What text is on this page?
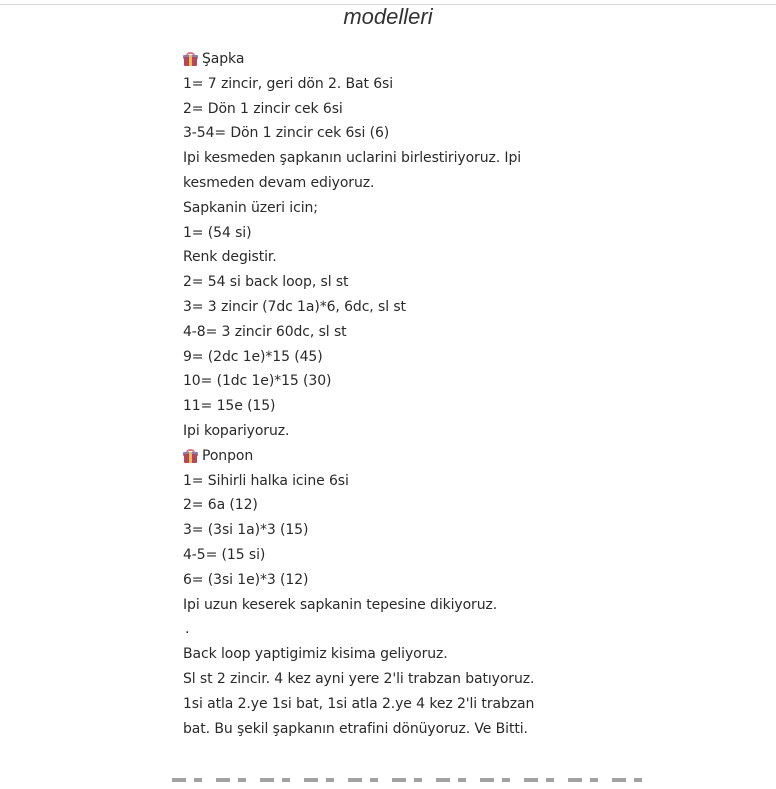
modelleri
Şapka
1= 7 zincir, geri dön 2. Bat 6si
2= Dön 1 zincir cek 6si
3-54= Dön 1 zincir cek 6si (6)
Ipi kesmeden şapkanın uclarini birlestiriyoruz. Ipi
kesmeden devam ediyoruz.
Sapkanin üzeri icin;
1= (54 si)
Renk degistir.
2= 54 si back loop, sl st
3= 3 zincir (7dc 1a)*6, 6dc, sl st
4-8= 3 zincir 60dc, sl st
9= (2dc 1e)*15 (45)
10= (1dc 1e)*15 (30)
11= 15e (15)
Ipi kopariyoruz.
Ponpon
1= Sihirli halka icine 6si
2= 6a (12)
3= (3si 1a)*3 (15)
4-5= (15 si)
6= (3si 1e)*3 (12)
Ipi uzun keserek sapkanin tepesine dikiyoruz.
.
Back loop yaptigimiz kisima geliyoruz.
Sl st 2 zincir. 4 kez ayni yere 2'li trabzan batıyoruz.
1si atla 2.ye 1si bat, 1si atla 2.ye 4 kez 2'li trabzan
bat. Bu şekil şapkanın etrafini dönüyoruz. Ve Bitti.
